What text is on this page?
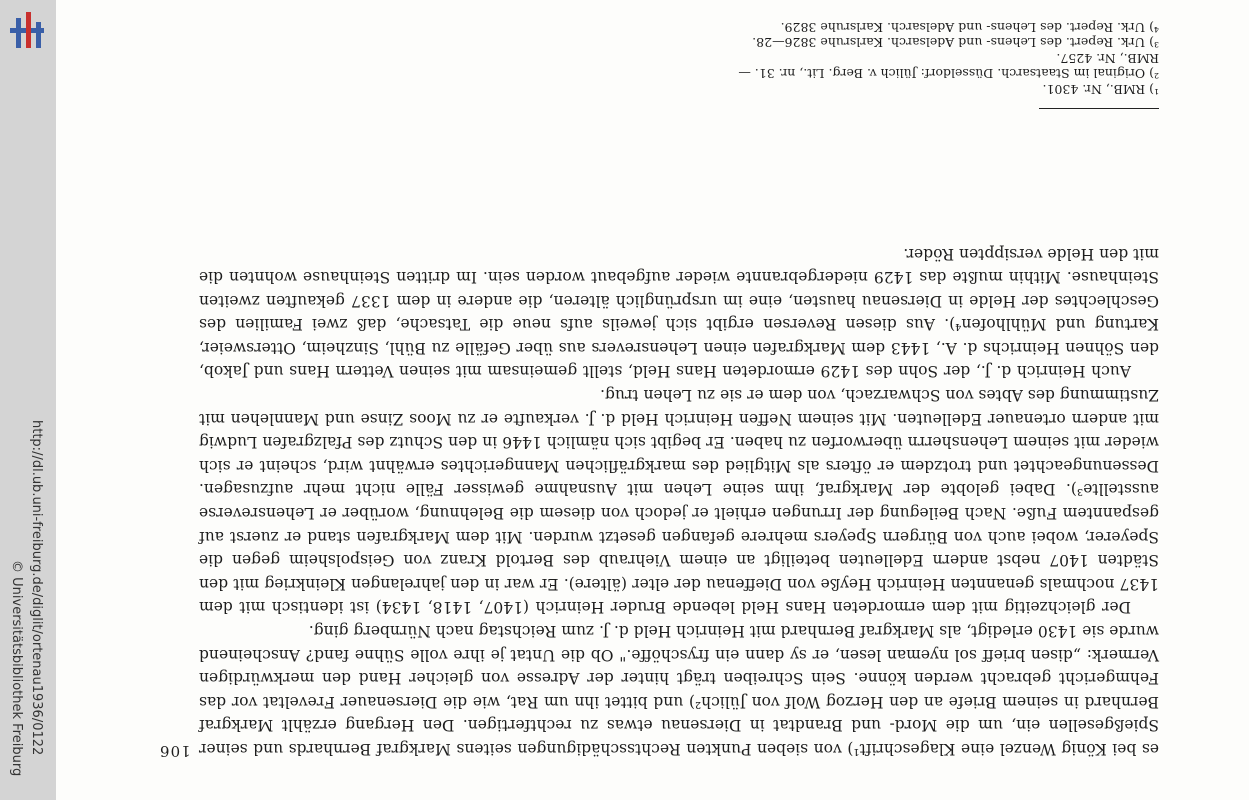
http://dl.ub.uni-freiburg.de/diglit/ortenau1936/0122
© Universitätsbibliothek Freiburg	106 es bei König Wenzel eine Klageschrift¹) von sieben Punkten Rechtsschädigungen seitens Markgraf Bernhards und seiner Spießgesellen ein, um die Mord- und Brandtat in Diersenau etwas zu rechtfertigen. Den Hergang erzählt Markgraf Bernhard in seinem Briefe an den Herzog Wolf von Jülich²) und bittet ihn um Rat, wie die Diersenauer Freveltat vor das Fehmgericht gebracht werden könne. Sein Schreiben trägt hinter der Adresse von gleicher Hand den merkwürdigen Vermerk: „disen brieff sol nyeman lesen, er sy dann ein fryschöffe." Ob die Untat je ihre volle Sühne fand? Anscheinend wurde sie 1430 erledigt, als Markgraf Bernhard mit Heinrich Held d. J. zum Reichstag nach Nürnberg ging.

Der gleichzeitig mit dem ermordeten Hans Held lebende Bruder Heinrich (1407, 1418, 1434) ist identisch mit dem 1437 nochmals genannten Heinrich Heyße von Dieffenau der elter (ältere). Er war in den jahrelangen Kleinkrieg mit den Städten 1407 nebst andern Edelleuten beteiligt an einem Viehraub des Bertold Kranz von Geispolsheim gegen die Speyerer, wobei auch von Bürgern Speyers mehrere gefangen gesetzt wurden. Mit dem Markgrafen stand er zuerst auf gespanntem Fuße. Nach Beilegung der Irrungen erhielt er jedoch von diesem die Belehnung, worüber er Lehensreverse ausstellte³). Dabei gelobte der Markgraf, ihm seine Lehen mit Ausnahme gewisser Fälle nicht mehr aufzusagen. Dessenungeachtet und trotzdem er öfters als Mitglied des markgräflichen Manngerichtes erwähnt wird, scheint er sich wieder mit seinem Lehensherrn überworfen zu haben. Er begibt sich nämlich 1446 in den Schutz des Pfalzgrafen Ludwig mit andern ortenauer Edelleuten. Mit seinem Neffen Heinrich Held d. J. verkaufte er zu Moos Zinse und Mannlehen mit Zustimmung des Abtes von Schwarzach, von dem er sie zu Lehen trug.

Auch Heinrich d. J., der Sohn des 1429 ermordeten Hans Held, stellt gemeinsam mit seinen Vettern Hans und Jakob, den Söhnen Heinrichs d. A., 1443 dem Markgrafen einen Lehensrevers aus über Gefälle zu Bühl, Sinzheim, Ottersweier, Kartung und Mühlhofen⁴). Aus diesen Reversen ergibt sich jeweils aufs neue die Tatsache, daß zwei Familien des Geschlechtes der Helde in Diersenau hausten, eine im ursprünglich älteren, die andere in dem 1337 gekauften zweiten Steinhause. Mithin mußte das 1429 niedergebrannte wieder aufgebaut worden sein. Im dritten Steinhause wohnten die mit den Helde versippten Röder.

¹) RMB., Nr. 4301.
²) Original im Staatsarch. Düsseldorf: Jülich v. Berg. Lit., nr. 31. —
RMB., Nr. 4257.
³) Urk. Repert. des Lehens- und Adelsarch. Karlsruhe 3826—28.
⁴) Urk. Repert. des Lehens- und Adelsarch. Karlsruhe 3829.
